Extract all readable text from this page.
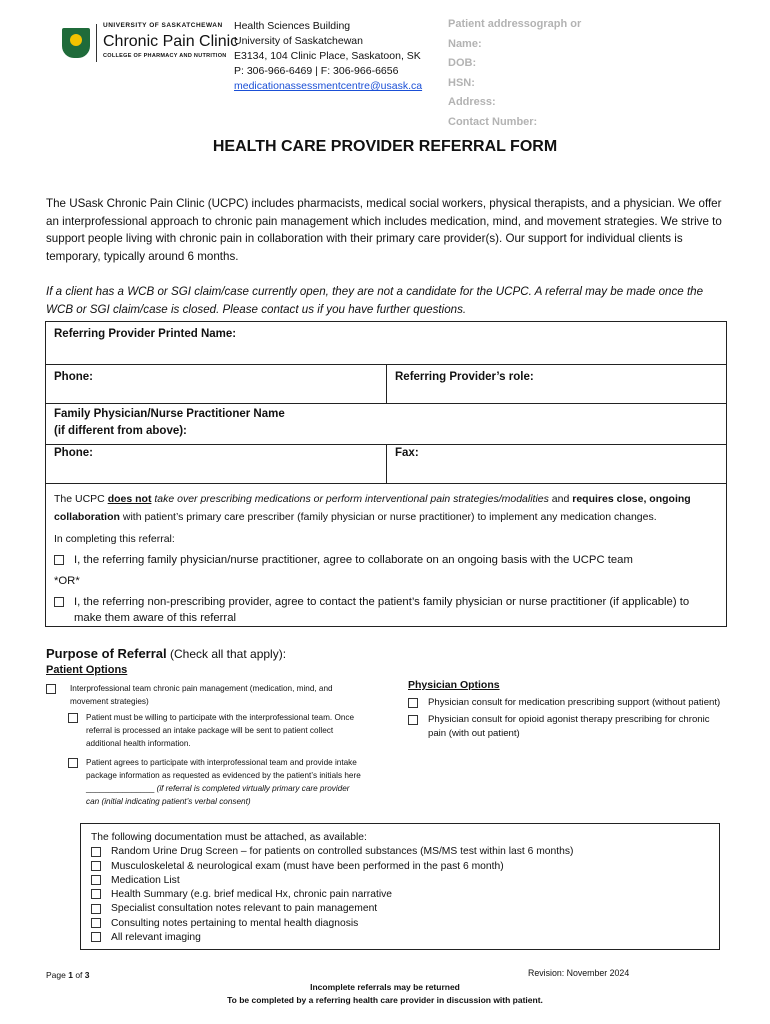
UNIVERSITY OF SASKATCHEWAN
Chronic Pain Clinic
COLLEGE OF PHARMACY AND NUTRITION
Health Sciences Building
University of Saskatchewan
E3134, 104 Clinic Place, Saskatoon, SK
P: 306-966-6469 | F: 306-966-6656
medicationassessmentcentre@usask.ca
Patient addressograph or
Name:
DOB:
HSN:
Address:
Contact Number:
HEALTH CARE PROVIDER REFERRAL FORM
The USask Chronic Pain Clinic (UCPC) includes pharmacists, medical social workers, physical therapists, and a physician. We offer an interprofessional approach to chronic pain management which includes medication, mind, and movement strategies. We strive to support people living with chronic pain in collaboration with their primary care provider(s). Our support for individual clients is temporary, typically around 6 months.
If a client has a WCB or SGI claim/case currently open, they are not a candidate for the UCPC. A referral may be made once the WCB or SGI claim/case is closed. Please contact us if you have further questions.
Referring Provider Printed Name:
Phone:	Referring Provider’s role:
Family Physician/Nurse Practitioner Name
(if different from above):
Phone:	Fax:
The UCPC does not take over prescribing medications or perform interventional pain strategies/modalities and requires close, ongoing collaboration with patient’s primary care prescriber (family physician or nurse practitioner) to implement any medication changes.
In completing this referral:
I, the referring family physician/nurse practitioner, agree to collaborate on an ongoing basis with the UCPC team
*OR*
I, the referring non-prescribing provider, agree to contact the patient’s family physician or nurse practitioner (if applicable) to make them aware of this referral
Purpose of Referral (Check all that apply):
Patient Options
Interprofessional team chronic pain management (medication, mind, and movement strategies)
Patient must be willing to participate with the interprofessional team. Once referral is processed an intake package will be sent to patient collect additional health information.
Patient agrees to participate with interprofessional team and provide intake package information as requested as evidenced by the patient’s initials here _______________ (if referral is completed virtually primary care provider can (initial indicating patient’s verbal consent)
Physician Options
Physician consult for medication prescribing support (without patient)
Physician consult for opioid agonist therapy prescribing for chronic pain (with out patient)
The following documentation must be attached, as available:
Random Urine Drug Screen – for patients on controlled substances (MS/MS test within last 6 months)
Musculoskeletal & neurological exam (must have been performed in the past 6 month)
Medication List
Health Summary (e.g. brief medical Hx, chronic pain narrative
Specialist consultation notes relevant to pain management
Consulting notes pertaining to mental health diagnosis
All relevant imaging
Page 1 of 3	Revision: November 2024
Incomplete referrals may be returned
To be completed by a referring health care provider in discussion with patient.
